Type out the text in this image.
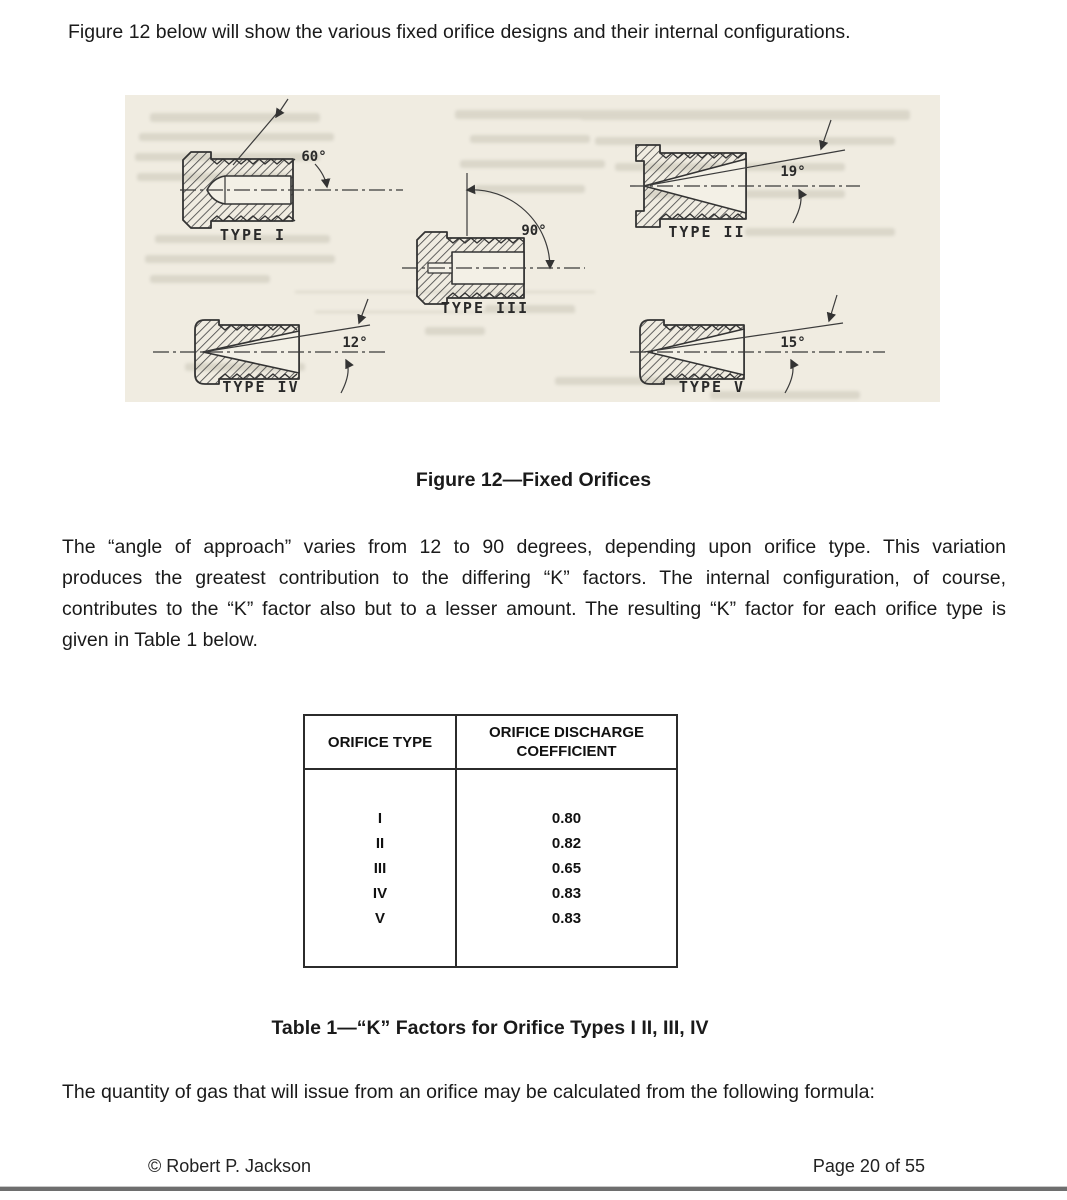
Figure 12 below will show the various fixed orifice designs and their internal configurations.
60°
TYPE I
19°
TYPE II
90°
TYPE III
12°
TYPE IV
15°
TYPE V
Figure 12—Fixed Orifices
The “angle of approach” varies from 12 to 90 degrees, depending upon orifice type. This variation
produces the greatest contribution to the differing “K” factors. The internal configuration, of course,
contributes to the “K” factor also but to a lesser amount. The resulting “K” factor for each orifice type is
given in Table 1 below.
ORIFICE TYPE
ORIFICE DISCHARGE COEFFICIENT
I
II
III
IV
V
0.80
0.82
0.65
0.83
0.83
Table 1—“K” Factors for Orifice Types I II, III, IV
The quantity of gas that will issue from an orifice may be calculated from the following formula:
© Robert P. Jackson	Page 20 of 55
